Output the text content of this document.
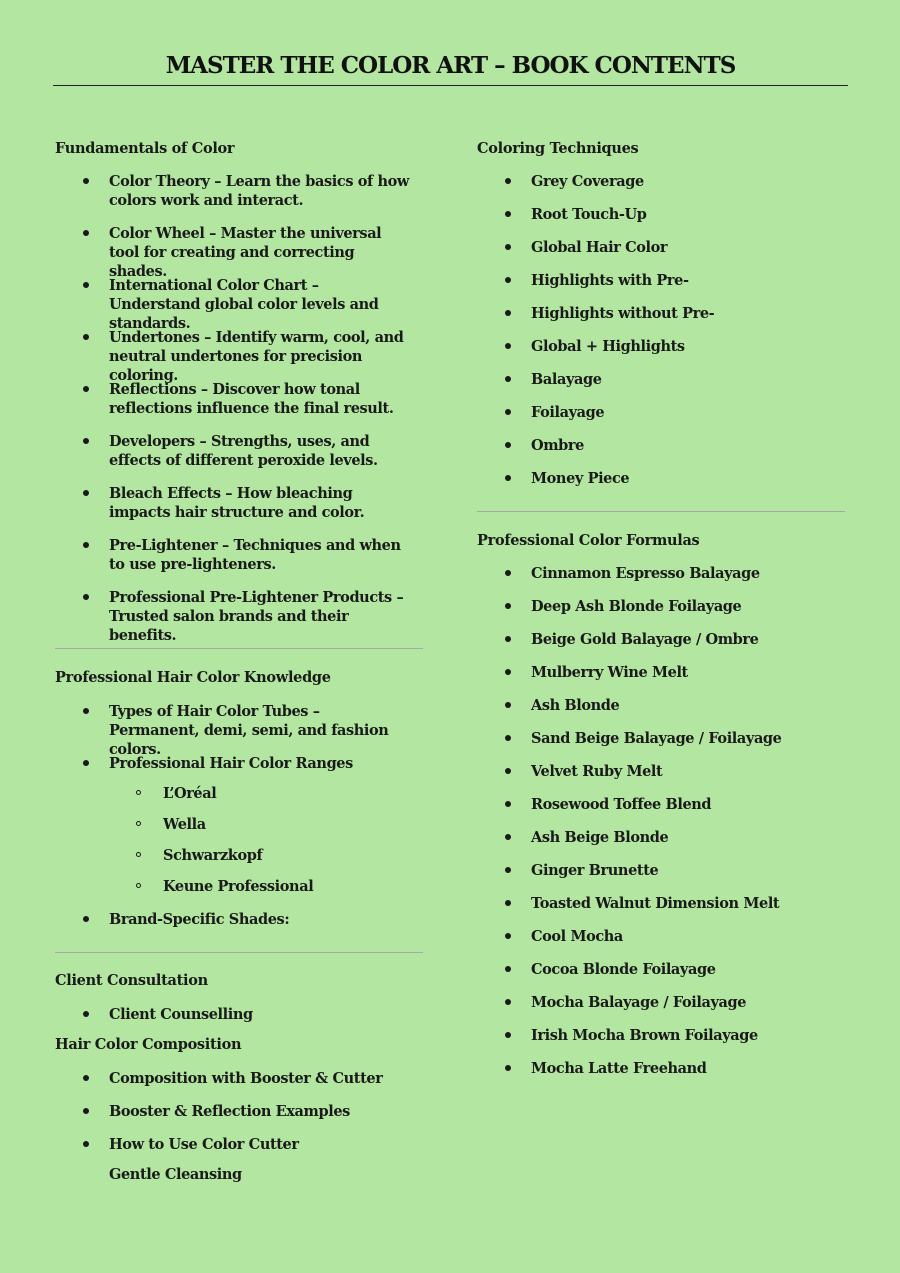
MASTER THE COLOR ART – BOOK CONTENTS
Fundamentals of Color
Color Theory – Learn the basics of how colors work and interact.
Color Wheel – Master the universal tool for creating and correcting shades.
International Color Chart – Understand global color levels and standards.
Undertones – Identify warm, cool, and neutral undertones for precision coloring.
Reflections – Discover how tonal reflections influence the final result.
Developers – Strengths, uses, and effects of different peroxide levels.
Bleach Effects – How bleaching impacts hair structure and color.
Pre-Lightener – Techniques and when to use pre-lighteners.
Professional Pre-Lightener Products – Trusted salon brands and their benefits.
Professional Hair Color Knowledge
Types of Hair Color Tubes – Permanent, demi, semi, and fashion colors.
Professional Hair Color Ranges
L’Oréal
Wella
Schwarzkopf
Keune Professional
Brand-Specific Shades:
Client Consultation
Client Counselling
Hair Color Composition
Composition with Booster & Cutter
Booster & Reflection Examples
How to Use Color Cutter
Gentle Cleansing
Coloring Techniques
Grey Coverage
Root Touch-Up
Global Hair Color
Highlights with Pre-
Highlights without Pre-
Global + Highlights
Balayage
Foilayage
Ombre
Money Piece
Professional Color Formulas
Cinnamon Espresso Balayage
Deep Ash Blonde Foilayage
Beige Gold Balayage / Ombre
Mulberry Wine Melt
Ash Blonde
Sand Beige Balayage / Foilayage
Velvet Ruby Melt
Rosewood Toffee Blend
Ash Beige Blonde
Ginger Brunette
Toasted Walnut Dimension Melt
Cool Mocha
Cocoa Blonde Foilayage
Mocha Balayage / Foilayage
Irish Mocha Brown Foilayage
Mocha Latte Freehand
